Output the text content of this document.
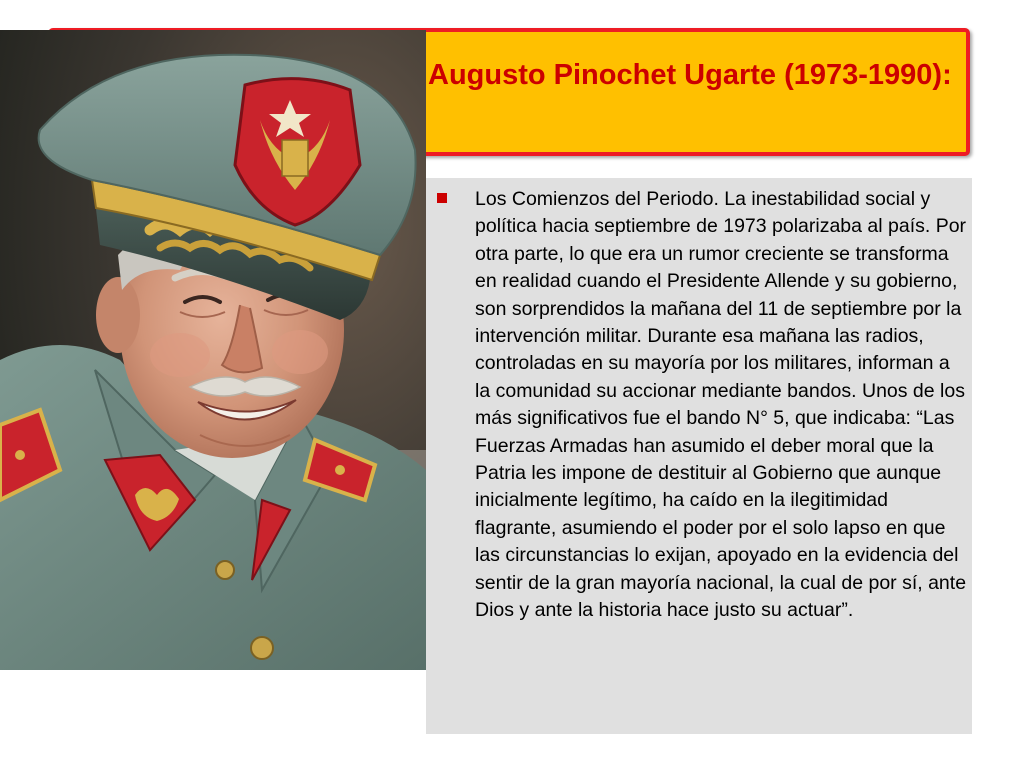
Augusto Pinochet Ugarte (1973-1990):

Los Comienzos del Periodo. La inestabilidad social y política hacia septiembre de 1973 polarizaba al país. Por otra parte, lo que era un rumor creciente se transforma en realidad cuando el Presidente Allende y su gobierno, son sorprendidos la mañana del 11 de septiembre por la intervención militar. Durante esa mañana las radios, controladas en su mayoría por los militares, informan a la comunidad su accionar mediante bandos. Unos de los más significativos fue el bando N° 5, que indicaba: “Las Fuerzas Armadas han asumido el deber moral que la Patria les impone de destituir al Gobierno que aunque inicialmente legítimo, ha caído en la ilegitimidad flagrante, asumiendo el poder por el solo lapso en que las circunstancias lo exijan, apoyado en la evidencia del sentir de la gran mayoría nacional, la cual de por sí, ante Dios y ante la historia hace justo su actuar”.
